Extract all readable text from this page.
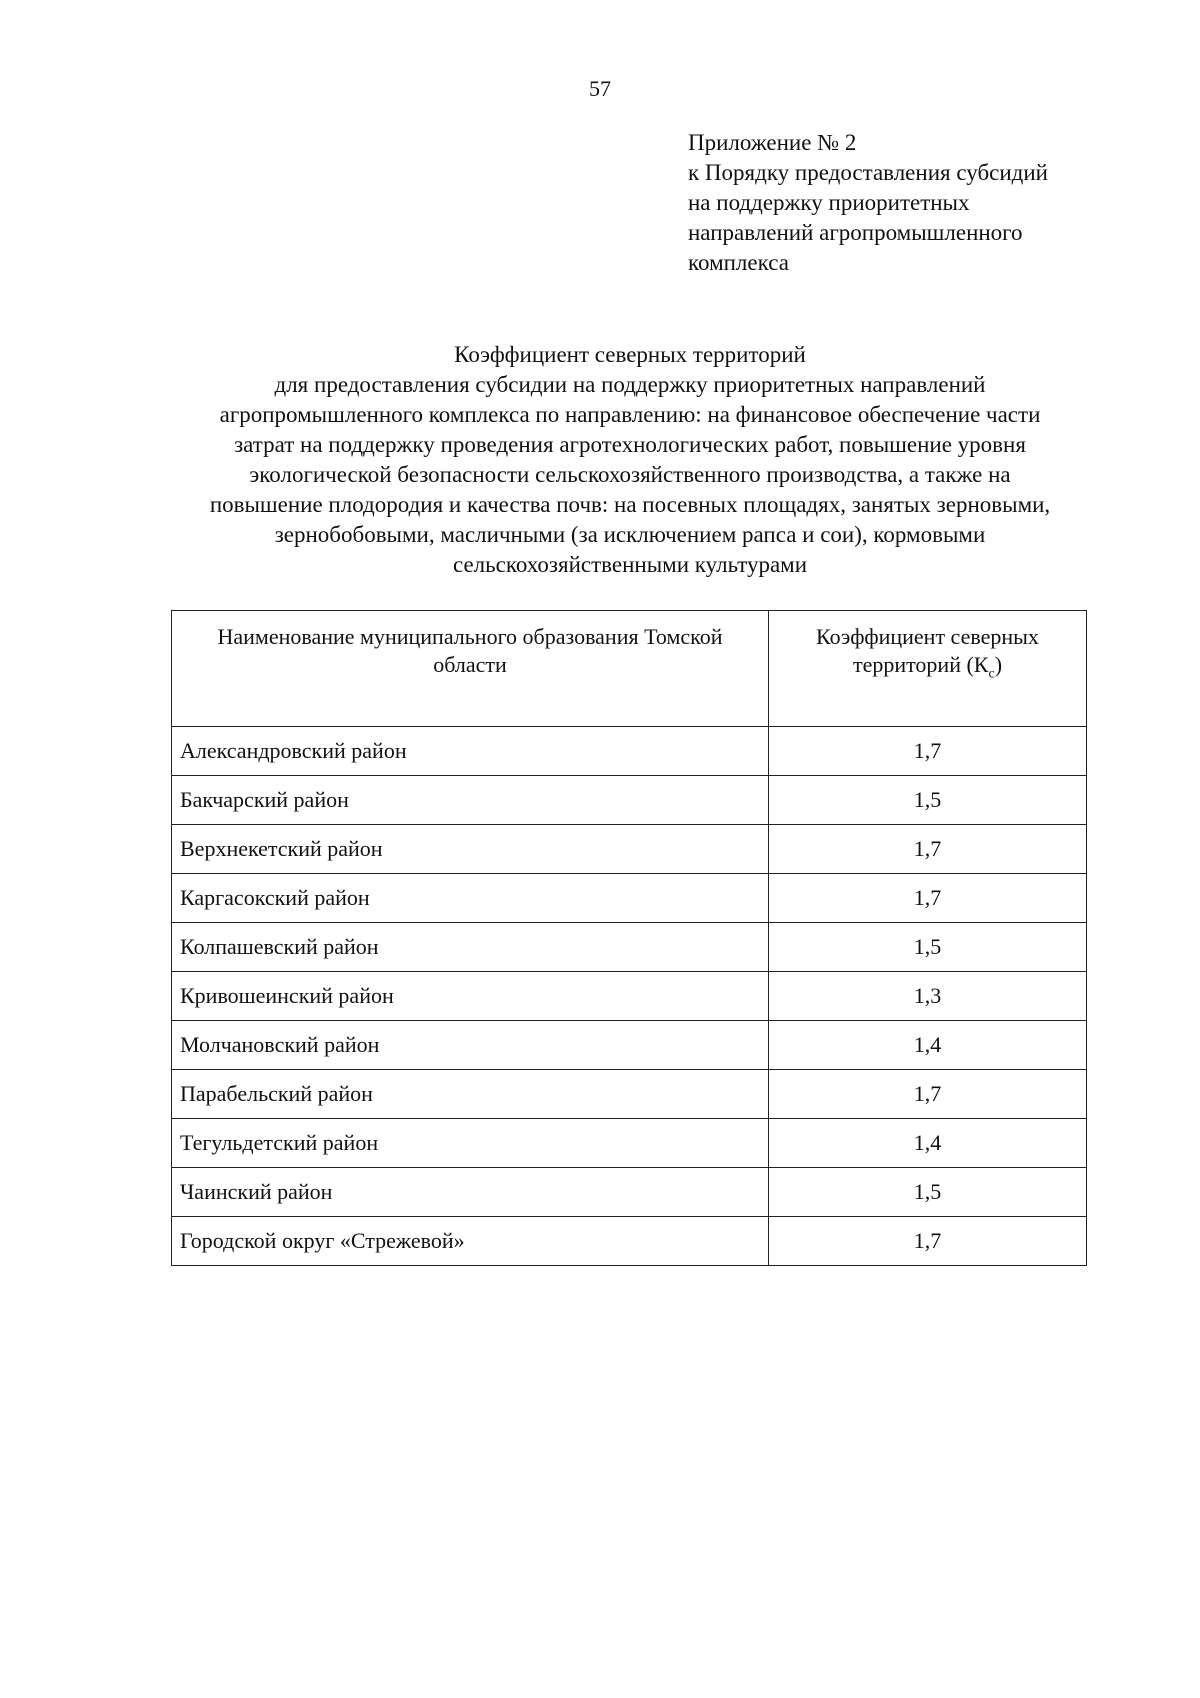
57
Приложение № 2
к Порядку предоставления субсидий
на поддержку приоритетных
направлений агропромышленного
комплекса
Коэффициент северных территорий
для предоставления субсидии на поддержку приоритетных направлений
агропромышленного комплекса по направлению: на финансовое обеспечение части
затрат на поддержку проведения агротехнологических работ, повышение уровня
экологической безопасности сельскохозяйственного производства, а также на
повышение плодородия и качества почв: на посевных площадях, занятых зерновыми,
зернобобовыми, масличными (за исключением рапса и сои), кормовыми
сельскохозяйственными культурами
Наименование муниципального образования Томской области	Коэффициент северных территорий $(К_с)$
Александровский район	1,7
Бакчарский район	1,5
Верхнекетский район	1,7
Каргасокский район	1,7
Колпашевский район	1,5
Кривошеинский район	1,3
Молчановский район	1,4
Парабельский район	1,7
Тегульдетский район	1,4
Чаинский район	1,5
Городской округ «Стрежевой»	1,7
